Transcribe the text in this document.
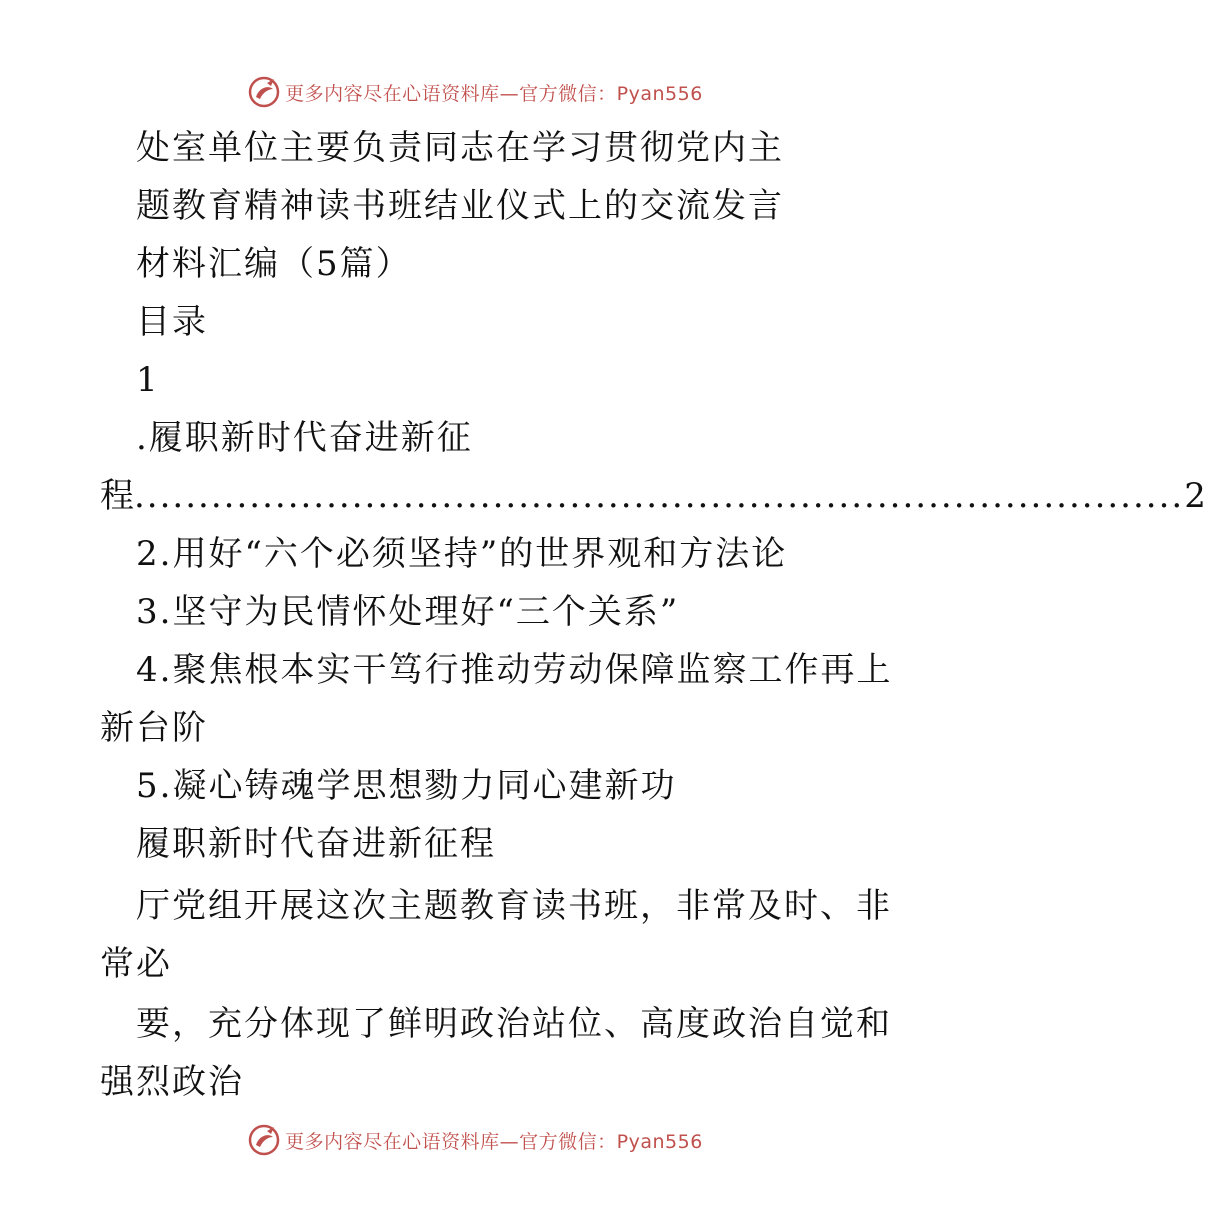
更多内容尽在心语资料库—官方微信：Pyan556
处室单位主要负责同志在学习贯彻党内主
题教育精神读书班结业仪式上的交流发言
材料汇编（5篇）
目录
1
.履职新时代奋进新征
程 .................................................................................. 2
2.用好“六个必须坚持”的世界观和方法论
3.坚守为民情怀处理好“三个关系”
4.聚焦根本实干笃行推动劳动保障监察工作再上
新台阶
5.凝心铸魂学思想勠力同心建新功
履职新时代奋进新征程
厅党组开展这次主题教育读书班，非常及时、非
常必
要，充分体现了鲜明政治站位、高度政治自觉和
强烈政治
更多内容尽在心语资料库—官方微信：Pyan556
